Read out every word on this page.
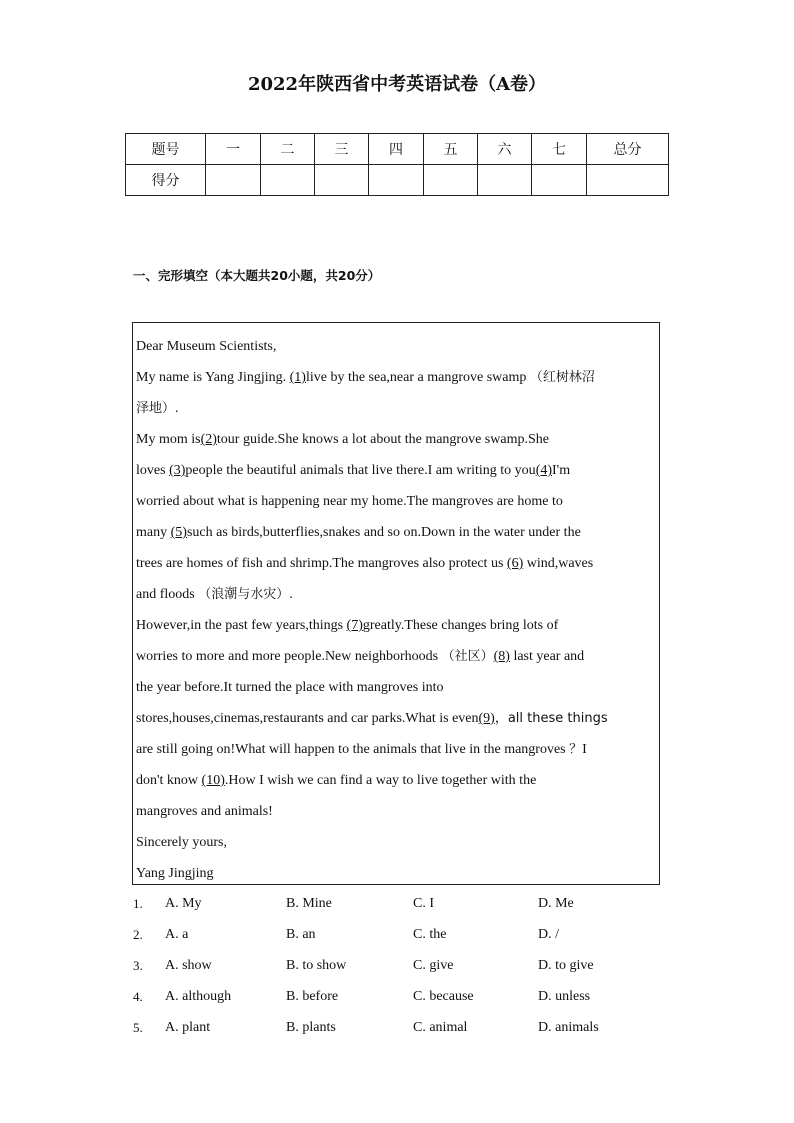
2022年陕西省中考英语试卷（A卷）
题号	一	二	三	四	五	六	七	总分
得分								
一、完形填空（本大题共20小题，共20分）

Dear Museum Scientists,

My name is Yang Jingjing. (1)live by the sea,near a mangrove swamp （红树林沼

泽地）.

My mom is(2)tour guide.She knows a lot about the mangrove swamp.She

loves (3)people the beautiful animals that live there.I am writing to you(4)I'm

worried about what is happening near my home.The mangroves are home to

many (5)such as birds,butterflies,snakes and so on.Down in the water under the

trees are homes of fish and shrimp.The mangroves also protect us (6) wind,waves

and floods （浪潮与水灾）.

However,in the past few years,things (7)greatly.These changes bring lots of

worries to more and more people.New neighborhoods （社区）(8) last year and

the year before.It turned the place with mangroves into

stores,houses,cinemas,restaurants and car parks.What is even(9)，all these things

are still going on!What will happen to the animals that live in the mangroves ？I

don't know (10).How I wish we can find a way to live together with the

mangroves and animals!

Sincerely yours,

Yang Jingjing

1. A. My	B. Mine	C. I	D. Me
2. A. a	B. an	C. the	D. /
3. A. show	B. to show	C. give	D. to give
4. A. although	B. before	C. because	D. unless
5. A. plant	B. plants	C. animal	D. animals
